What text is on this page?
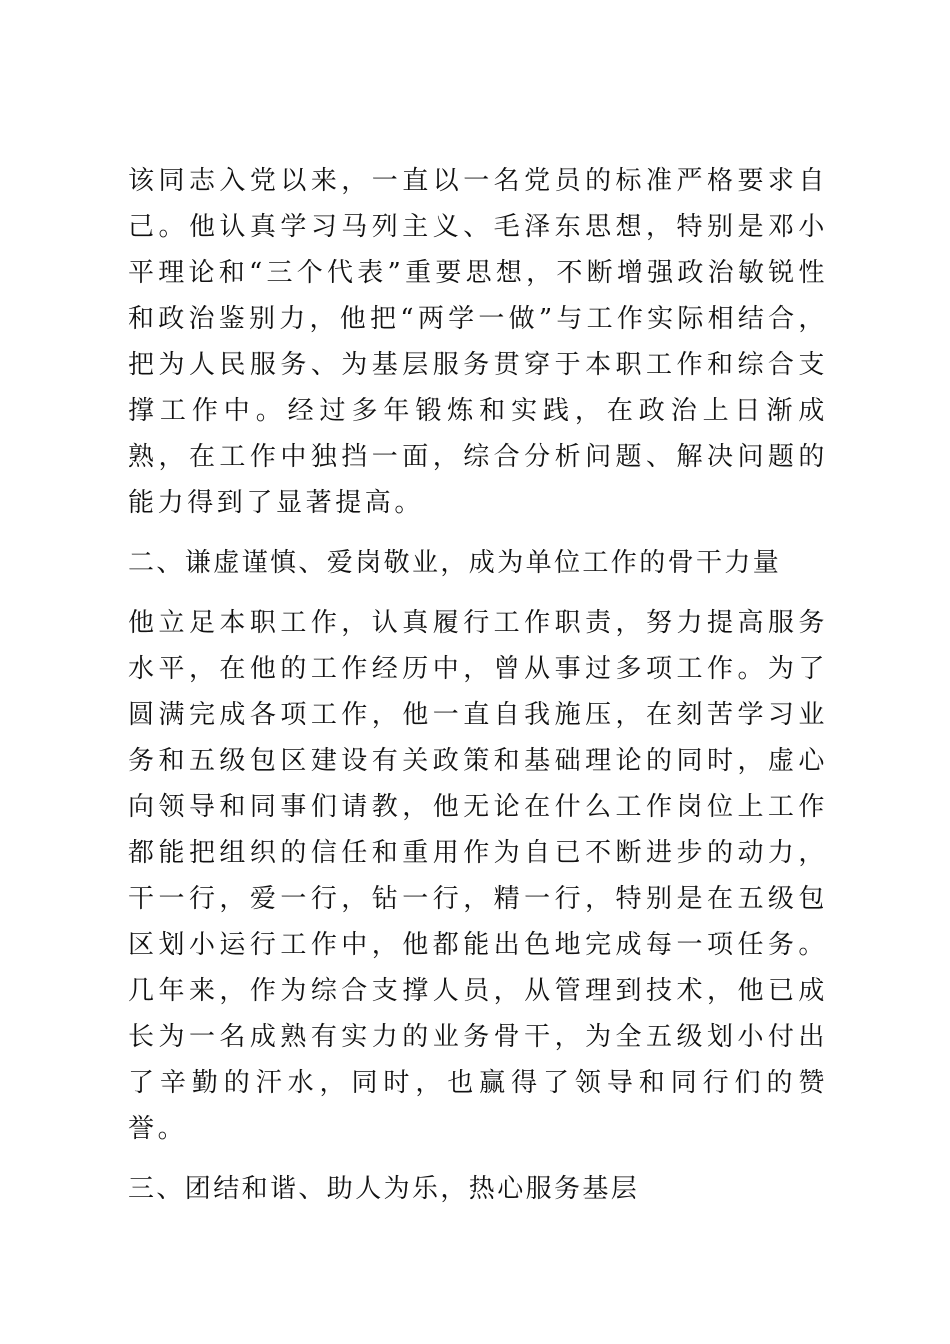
该同志入党以来，一直以一名党员的标准严格要求自己。他认真学习马列主义、毛泽东思想，特别是邓小平理论和“三个代表”重要思想，不断增强政治敏锐性和政治鉴别力，他把“两学一做”与工作实际相结合，把为人民服务、为基层服务贯穿于本职工作和综合支撑工作中。经过多年锻炼和实践，在政治上日渐成熟，在工作中独挡一面，综合分析问题、解决问题的能力得到了显著提高。

二、谦虚谨慎、爱岗敬业，成为单位工作的骨干力量

他立足本职工作，认真履行工作职责，努力提高服务水平，在他的工作经历中，曾从事过多项工作。为了圆满完成各项工作，他一直自我施压，在刻苦学习业务和五级包区建设有关政策和基础理论的同时，虚心向领导和同事们请教，他无论在什么工作岗位上工作都能把组织的信任和重用作为自已不断进步的动力，干一行，爱一行，钻一行，精一行，特别是在五级包区划小运行工作中，他都能出色地完成每一项任务。几年来，作为综合支撑人员，从管理到技术，他已成长为一名成熟有实力的业务骨干，为全五级划小付出了辛勤的汗水，同时，也赢得了领导和同行们的赞誉。

三、团结和谐、助人为乐，热心服务基层
